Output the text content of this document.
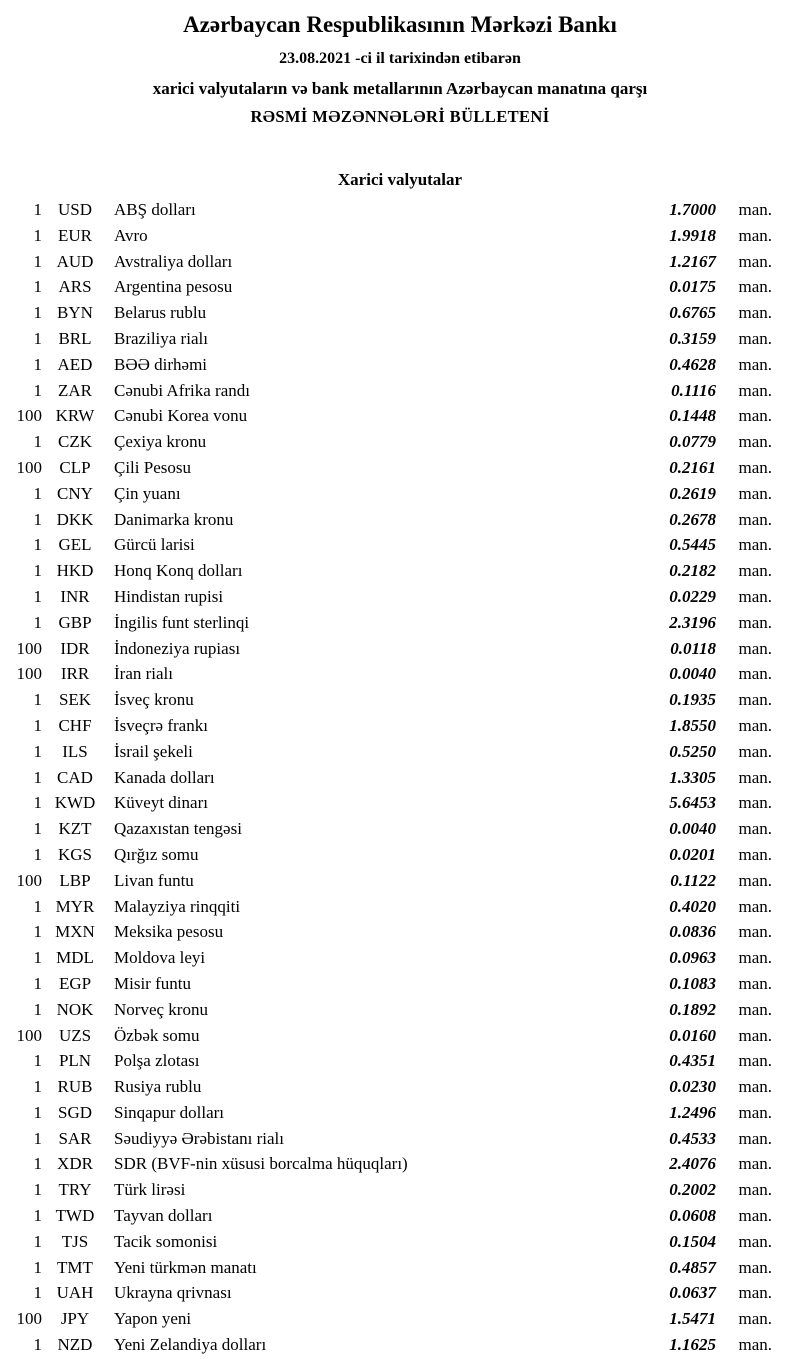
Azərbaycan Respublikasının Mərkəzi Bankı
23.08.2021 -ci il tarixindən etibarən
xarici valyutaların və bank metallarının Azərbaycan manatına qarşı
RƏSMİ MƏZƏNNƏLƏRİ BÜLLETENİ
Xarici valyutalar
1 USD	ABŞ dolları	1.7000	man.
1 EUR	Avro	1.9918	man.
1 AUD	Avstraliya dolları	1.2167	man.
1 ARS	Argentina pesosu	0.0175	man.
1 BYN	Belarus rublu	0.6765	man.
1 BRL	Braziliya rialı	0.3159	man.
1 AED	BƏƏ dirhəmi	0.4628	man.
1 ZAR	Cənubi Afrika randı	0.1116	man.
100 KRW	Cənubi Korea vonu	0.1448	man.
1 CZK	Çexiya kronu	0.0779	man.
100	CLP	Çili Pesosu	0.2161	man.
1 CNY	Çin yuanı	0.2619	man.
1 DKK	Danimarka kronu	0.2678	man.
1 GEL	Gürcü larisi	0.5445	man.
1 HKD	Honq Konq dolları	0.2182	man.
1	INR	Hindistan rupisi	0.0229	man.
1 GBP	İngilis funt sterlinqi	2.3196	man.
100	IDR	İndoneziya rupiası	0.0118	man.
100	IRR	İran rialı	0.0040	man.
1 SEK	İsveç kronu	0.1935	man.
1 CHF	İsveçrə frankı	1.8550	man.
1	ILS	İsrail şekeli	0.5250	man.
1 CAD	Kanada dolları	1.3305	man.
1 KWD	Küveyt dinarı	5.6453	man.
1 KZT	Qazaxıstan tengəsi	0.0040	man.
1 KGS	Qırğız somu	0.0201	man.
100	LBP	Livan funtu	0.1122	man.
1 MYR	Malayziya rinqqiti	0.4020	man.
1 MXN	Meksika pesosu	0.0836	man.
1 MDL	Moldova leyi	0.0963	man.
1 EGP	Misir funtu	0.1083	man.
1 NOK	Norveç kronu	0.1892	man.
100 UZS	Özbək somu	0.0160	man.
1 PLN	Polşa zlotası	0.4351	man.
1 RUB	Rusiya rublu	0.0230	man.
1 SGD	Sinqapur dolları	1.2496	man.
1 SAR	Səudiyyə Ərəbistanı rialı	0.4533	man.
1 XDR	SDR (BVF-nin xüsusi borcalma hüquqları)	2.4076	man.
1 TRY	Türk lirəsi	0.2002	man.
1 TWD	Tayvan dolları	0.0608	man.
1	TJS	Tacik somonisi	0.1504	man.
1 TMT	Yeni türkmən manatı	0.4857	man.
1 UAH	Ukrayna qrivnası	0.0637	man.
100	JPY	Yapon yeni	1.5471	man.
1 NZD	Yeni Zelandiya dolları	1.1625	man.
